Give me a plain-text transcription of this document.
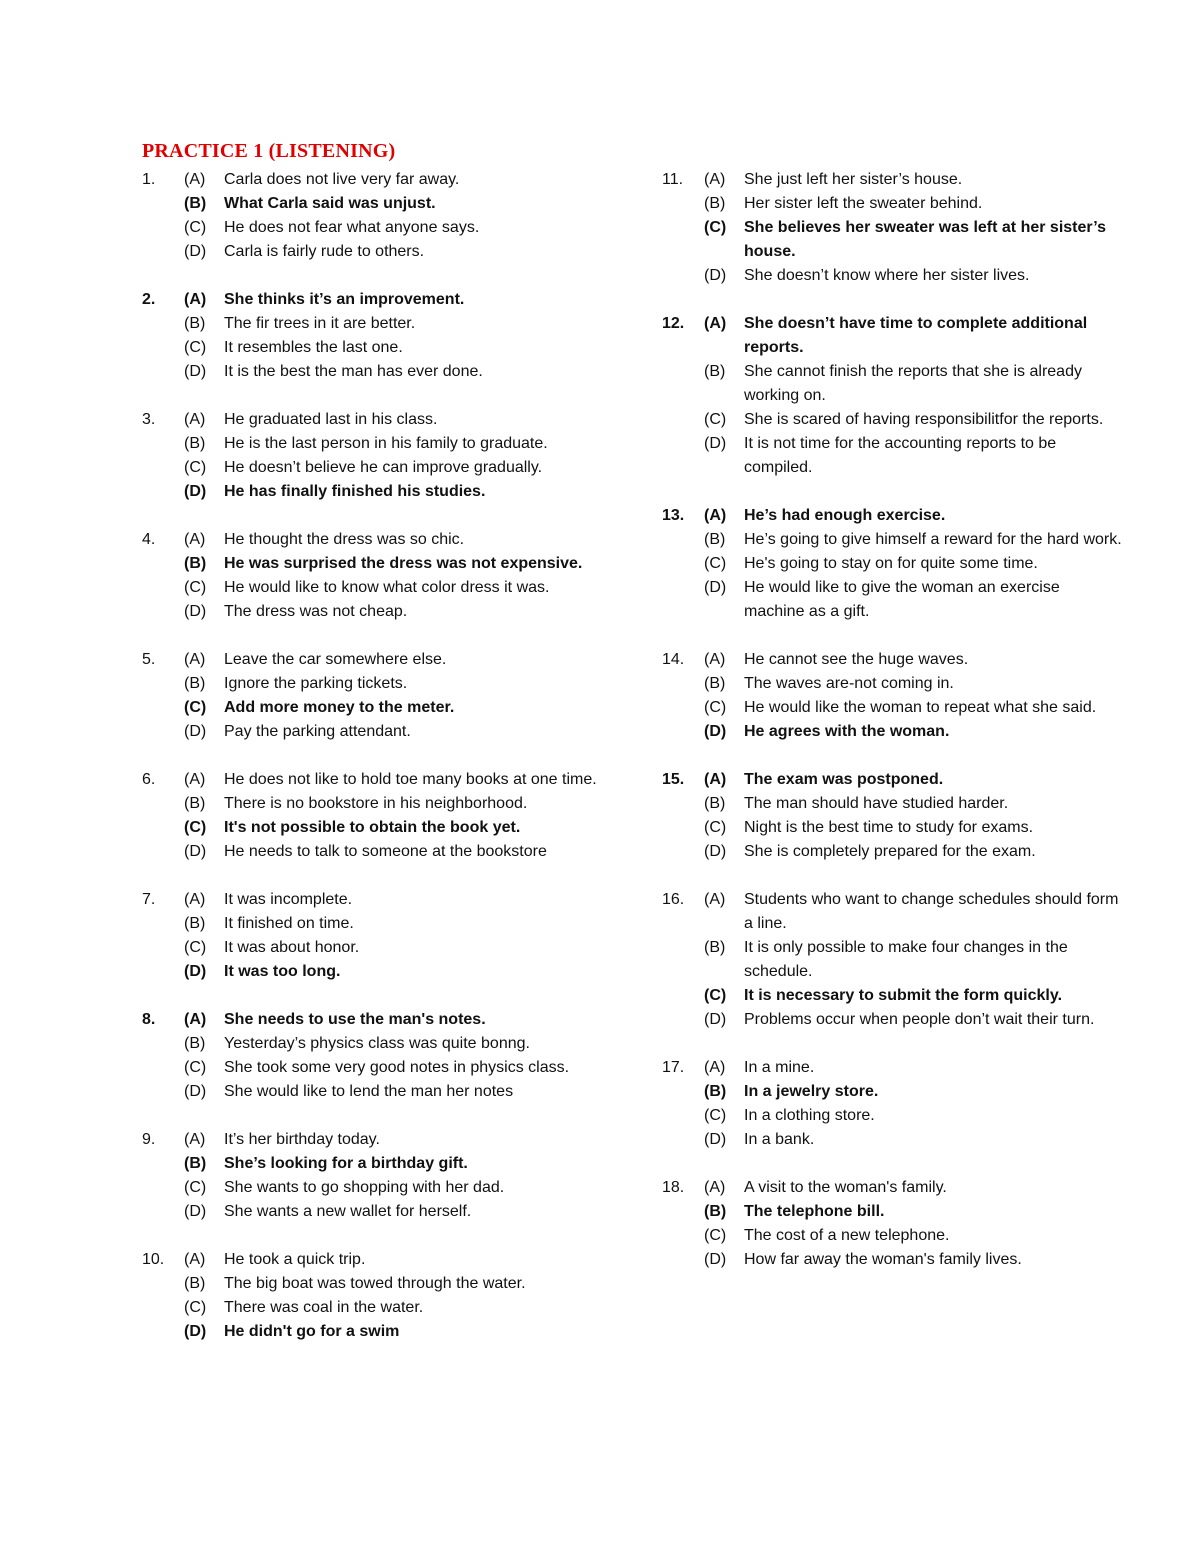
PRACTICE 1 (LISTENING)
1.	(A)	Carla does not live very far away.
(B)	What Carla said was unjust.
(C)	He does not fear what anyone says.
(D)	Carla is fairly rude to others.
2.	(A)	She thinks it’s an improvement.
(B)	The fir trees in it are better.
(C)	It resembles the last one.
(D)	It is the best the man has ever done.
3.	(A)	He graduated last in his class.
(B)	He is the last person in his family to graduate.
(C)	He doesn’t believe he can improve gradually.
(D)	He has finally finished his studies.
4.	(A)	He thought the dress was so chic.
(B)	He was surprised the dress was not expensive.
(C)	He would like to know what color dress it was.
(D)	The dress was not cheap.
5.	(A)	Leave the car somewhere else.
(B)	Ignore the parking tickets.
(C)	Add more money to the meter.
(D)	Pay the parking attendant.
6.	(A)	He does not like to hold toe many books at one time.
(B)	There is no bookstore in his neighborhood.
(C)	It's not possible to obtain the book yet.
(D)	He needs to talk to someone at the bookstore
7.	(A)	It was incomplete.
(B)	It finished on time.
(C)	It was about honor.
(D)	It was too long.
8.	(A)	She needs to use the man's notes.
(B)	Yesterday’s physics class was quite bonng.
(C)	She took some very good notes in physics class.
(D)	She would like to lend the man her notes
9.	(A)	It’s her birthday today.
(B)	She’s looking for a birthday gift.
(C)	She wants to go shopping with her dad.
(D)	She wants a new wallet for herself.
10.	(A)	He took a quick trip.
(B)	The big boat was towed through the water.
(C)	There was coal in the water.
(D)	He didn't go for a swim
11.	(A)	She just left her sister’s house.
(B)	Her sister left the sweater behind.
(C)	She believes her sweater was left at her sister’s house.
(D)	She doesn’t know where her sister lives.
12.	(A)	She doesn’t have time to complete additional reports.
(B)	She cannot finish the reports that she is already working on.
(C)	She is scared of having responsibilitfor the reports.
(D)	It is not time for the accounting reports to be compiled.
13.	(A)	He’s had enough exercise.
(B)	He’s going to give himself a reward for the hard work.
(C)	He's going to stay on for quite some time.
(D)	He would like to give the woman an exercise machine as a gift.
14.	(A)	He cannot see the huge waves.
(B)	The waves are-not coming in.
(C)	He would like the woman to repeat what she said.
(D)	He agrees with the woman.
15.	(A)	The exam was postponed.
(B)	The man should have studied harder.
(C)	Night is the best time to study for exams.
(D)	She is completely prepared for the exam.
16.	(A)	Students who want to change schedules should form a line.
(B)	It is only possible to make four changes in the schedule.
(C)	It is necessary to submit the form quickly.
(D)	Problems occur when people don’t wait their turn.
17.	(A)	In a mine.
(B)	In a jewelry store.
(C)	In a clothing store.
(D)	In a bank.
18.	(A)	A visit to the woman's family.
(B)	The telephone bill.
(C)	The cost of a new telephone.
(D)	How far away the woman's family lives.
